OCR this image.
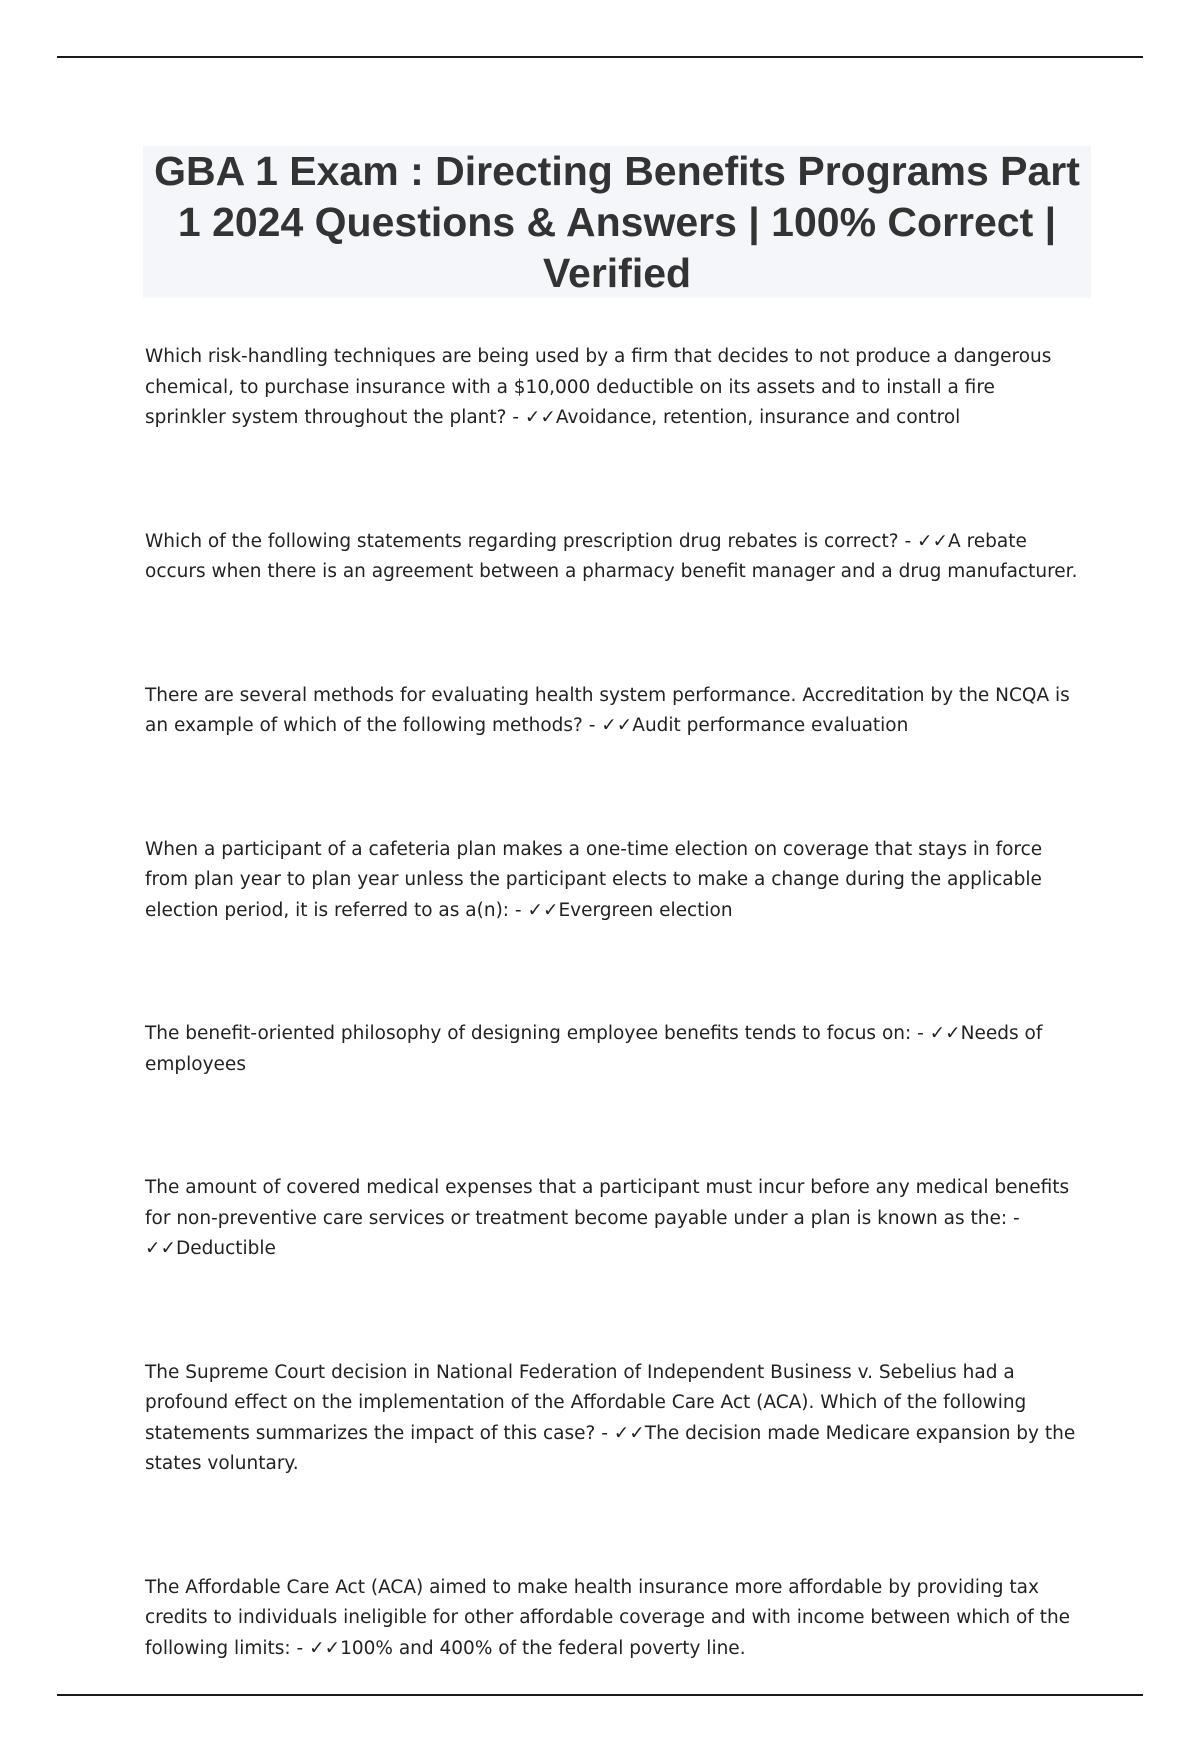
GBA 1 Exam : Directing Benefits Programs Part 1 2024 Questions & Answers | 100% Correct | Verified

Which risk-handling techniques are being used by a firm that decides to not produce a dangerous chemical, to purchase insurance with a $10,000 deductible on its assets and to install a fire sprinkler system throughout the plant? - ✓✓Avoidance, retention, insurance and control

Which of the following statements regarding prescription drug rebates is correct? - ✓✓A rebate occurs when there is an agreement between a pharmacy benefit manager and a drug manufacturer.

There are several methods for evaluating health system performance. Accreditation by the NCQA is an example of which of the following methods? - ✓✓Audit performance evaluation

When a participant of a cafeteria plan makes a one-time election on coverage that stays in force from plan year to plan year unless the participant elects to make a change during the applicable election period, it is referred to as a(n): - ✓✓Evergreen election

The benefit-oriented philosophy of designing employee benefits tends to focus on: - ✓✓Needs of employees

The amount of covered medical expenses that a participant must incur before any medical benefits for non-preventive care services or treatment become payable under a plan is known as the:- ✓✓Deductible

The Supreme Court decision in National Federation of Independent Business v. Sebelius had a profound effect on the implementation of the Affordable Care Act (ACA). Which of the following statements summarizes the impact of this case? - ✓✓The decision made Medicare expansion by the states voluntary.

The Affordable Care Act (ACA) aimed to make health insurance more affordable by providing tax credits to individuals ineligible for other affordable coverage and with income between which of the following limits: - ✓✓100% and 400% of the federal poverty line.
